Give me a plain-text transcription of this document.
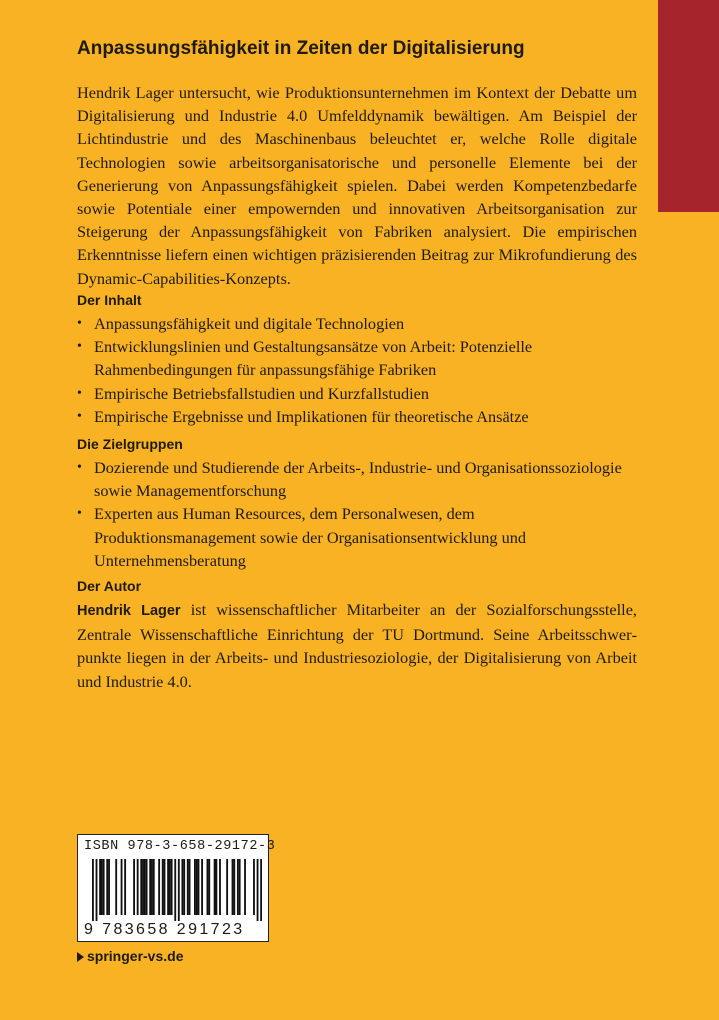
Anpassungsfähigkeit in Zeiten der Digitalisierung

Hendrik Lager untersucht, wie Produktionsunternehmen im Kontext der Debatte um Digitalisierung und Industrie 4.0 Umfelddynamik bewältigen. Am Beispiel der Lichtindustrie und des Maschinenbaus beleuchtet er, welche Rolle digitale Technologien sowie arbeitsorganisatorische und personelle Elemente bei der Generierung von Anpassungsfähigkeit spielen. Dabei werden Kompetenzbedarfe sowie Potentiale einer empowernden und innovativen Arbeitsorganisation zur Steigerung der Anpassungsfähigkeit von Fabriken analysiert. Die empirischen Erkenntnisse liefern einen wichtigen präzisierenden Beitrag zur Mikrofundierung des Dynamic-Capabilities-Konzepts.

Der Inhalt
• Anpassungsfähigkeit und digitale Technologien
• Entwicklungslinien und Gestaltungsansätze von Arbeit: Potenzielle Rahmenbedingungen für anpassungsfähige Fabriken
• Empirische Betriebsfallstudien und Kurzfallstudien
• Empirische Ergebnisse und Implikationen für theoretische Ansätze
Die Zielgruppen
• Dozierende und Studierende der Arbeits-, Industrie- und Organisationssoziologie sowie Managementforschung
• Experten aus Human Resources, dem Personalwesen, dem Produktionsmanagement sowie der Organisationsentwicklung und Unternehmensberatung
Der Autor

Hendrik Lager ist wissenschaftlicher Mitarbeiter an der Sozialforschungsstelle, Zentrale Wissenschaftliche Einrichtung der TU Dortmund. Seine Arbeitsschwerpunkte liegen in der Arbeits- und Industriesoziologie, der Digitalisierung von Arbeit und Industrie 4.0.

ISBN 978-3-658-29172-3
9 783658 291723
springer-vs.de
